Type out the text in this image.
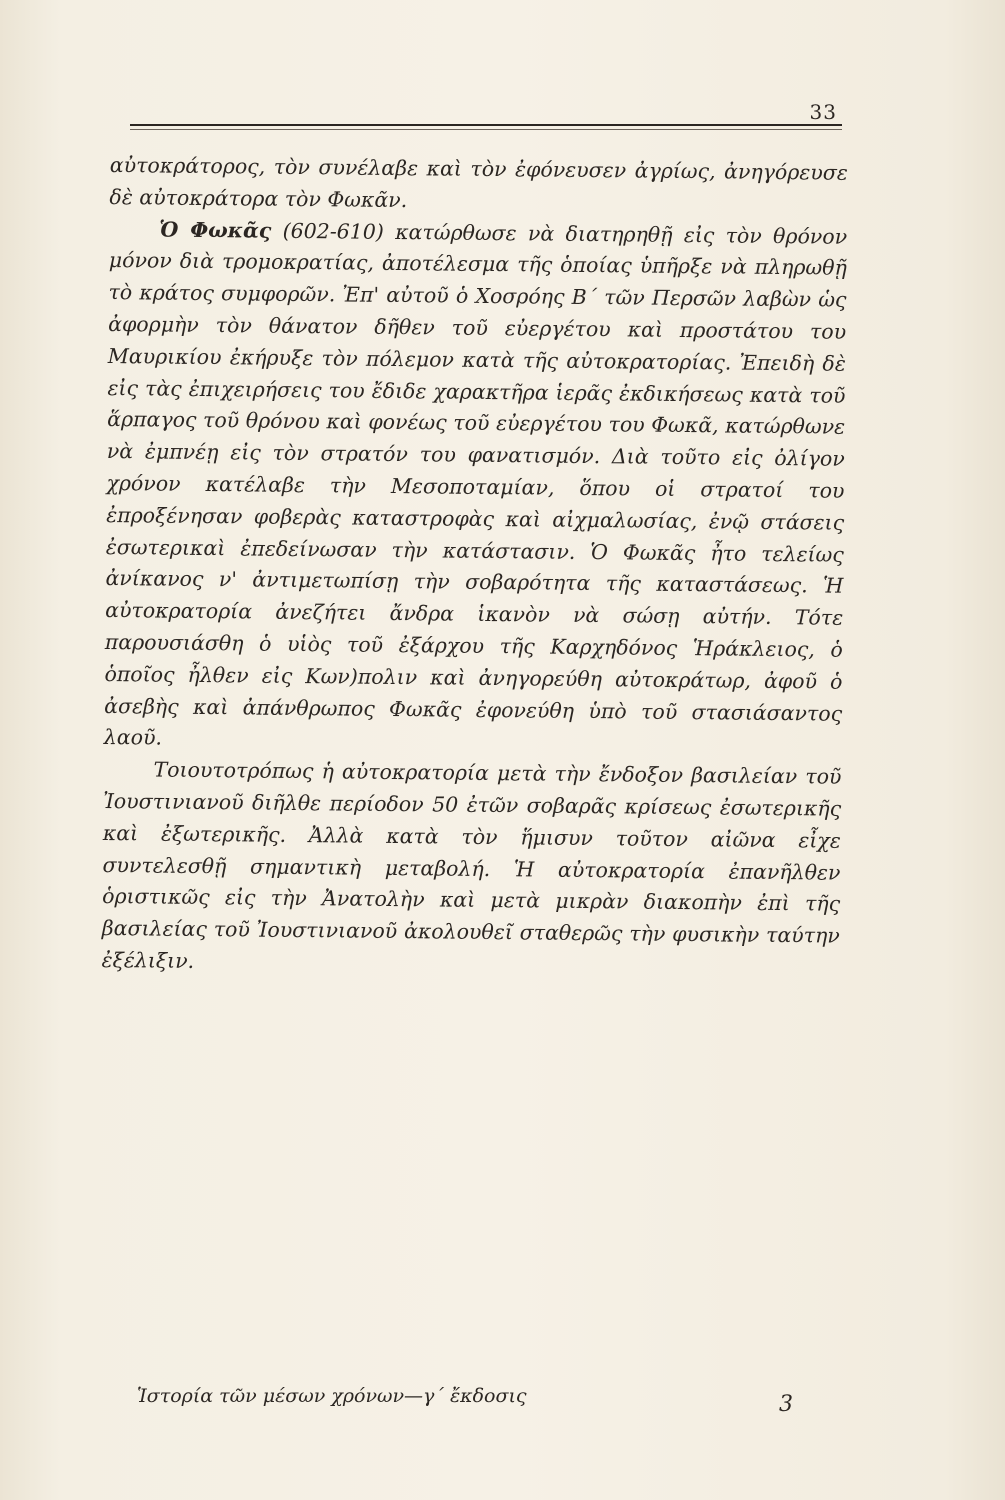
33

αὐτοκράτορος, τὸν συνέλαβε καὶ τὸν ἐφόνευσεν ἀγρίως, ἀνηγόρευσε δὲ αὐτοκράτορα τὸν Φωκᾶν.

Ὁ Φωκᾶς (602-610) κατώρθωσε νὰ διατηρηθῇ εἰς τὸν θρόνον μόνον διὰ τρομοκρατίας, ἀποτέλεσμα τῆς ὁποίας ὑπῆρξε νὰ πληρωθῇ τὸ κράτος συμφορῶν. Ἐπ' αὐτοῦ ὁ Χοσρόης Β΄ τῶν Περσῶν λαβὼν ὡς ἀφορμὴν τὸν θάνατον δῆθεν τοῦ εὐεργέτου καὶ προστάτου του Μαυρικίου ἐκήρυξε τὸν πόλεμον κατὰ τῆς αὐτοκρατορίας. Ἐπειδὴ δὲ εἰς τὰς ἐπιχειρήσεις του ἔδιδε χαρακτῆρα ἱερᾶς ἐκδικήσεως κατὰ τοῦ ἅρπαγος τοῦ θρόνου καὶ φονέως τοῦ εὐεργέτου του Φωκᾶ, κατώρθωνε νὰ ἐμπνέῃ εἰς τὸν στρατόν του φανατισμόν. Διὰ τοῦτο εἰς ὀλίγον χρόνον κατέλαβε τὴν Μεσοποταμίαν, ὅπου οἱ στρατοί του ἐπροξένησαν φοβερὰς καταστροφὰς καὶ αἰχμαλωσίας, ἐνῷ στάσεις ἐσωτερικαὶ ἐπεδείνωσαν τὴν κατάστασιν. Ὁ Φωκᾶς ἦτο τελείως ἀνίκανος ν' ἀντιμετωπίσῃ τὴν σοβαρότητα τῆς καταστάσεως. Ἡ αὐτοκρατορία ἀνεζήτει ἄνδρα ἱκανὸν νὰ σώσῃ αὐτήν. Τότε παρουσιάσθη ὁ υἱὸς τοῦ ἐξάρχου τῆς Καρχηδόνος Ἡράκλειος, ὁ ὁποῖος ἦλθεν εἰς Κων)πολιν καὶ ἀνηγορεύθη αὐτοκράτωρ, ἀφοῦ ὁ ἀσεβὴς καὶ ἀπάνθρωπος Φωκᾶς ἐφονεύθη ὑπὸ τοῦ στασιάσαντος λαοῦ.

Τοιουτοτρόπως ἡ αὐτοκρατορία μετὰ τὴν ἔνδοξον βασιλείαν τοῦ Ἰουστινιανοῦ διῆλθε περίοδον 50 ἐτῶν σοβαρᾶς κρίσεως ἐσωτερικῆς καὶ ἐξωτερικῆς. Ἀλλὰ κατὰ τὸν ἥμισυν τοῦτον αἰῶνα εἶχε συντελεσθῇ σημαντικὴ μεταβολή. Ἡ αὐτοκρατορία ἐπανῆλθεν ὁριστικῶς εἰς τὴν Ἀνατολὴν καὶ μετὰ μικρὰν διακοπὴν ἐπὶ τῆς βασιλείας τοῦ Ἰουστινιανοῦ ἀκολουθεῖ σταθερῶς τὴν φυσικὴν ταύτην ἐξέλιξιν.

Ἱστορία τῶν μέσων χρόνων—γ΄ ἔκδοσις	3
